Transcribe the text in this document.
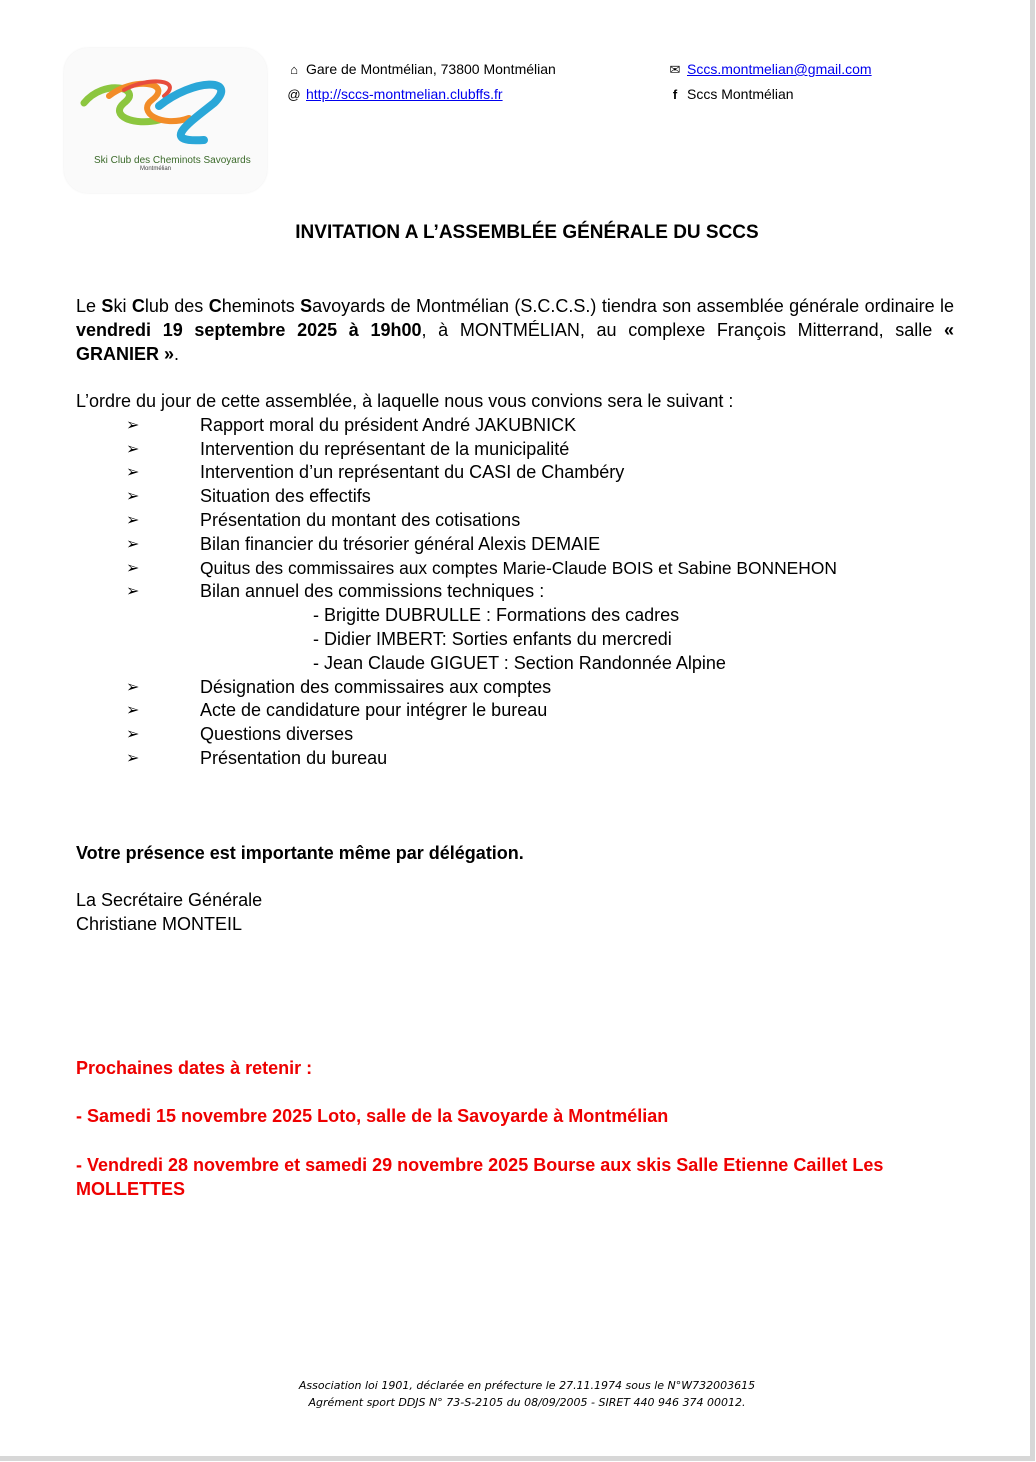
Ski Club des Cheminots Savoyards
Montmélian
⌂ Gare de Montmélian, 73800 Montmélian
@ http://sccs-montmelian.clubffs.fr
✉ Sccs.montmelian@gmail.com
f Sccs Montmélian
INVITATION A L’ASSEMBLÉE GÉNÉRALE DU SCCS
Le Ski Club des Cheminots Savoyards de Montmélian (S.C.C.S.) tiendra son assemblée générale ordinaire le vendredi 19 septembre 2025 à 19h00, à MONTMÉLIAN, au complexe François Mitterrand, salle « GRANIER ».
L’ordre du jour de cette assemblée, à laquelle nous vous convions sera le suivant :
➢	Rapport moral du président André JAKUBNICK
➢	Intervention du représentant de la municipalité
➢	Intervention d’un représentant du CASI de Chambéry
➢	Situation des effectifs
➢	Présentation du montant des cotisations
➢	Bilan financier du trésorier général Alexis DEMAIE
➢	Quitus des commissaires aux comptes Marie-Claude BOIS et Sabine BONNEHON
➢	Bilan annuel des commissions techniques :
- Brigitte DUBRULLE : Formations des cadres
- Didier IMBERT: Sorties enfants du mercredi
- Jean Claude GIGUET : Section Randonnée Alpine
➢	Désignation des commissaires aux comptes
➢	Acte de candidature pour intégrer le bureau
➢	Questions diverses
➢	Présentation du bureau
Votre présence est importante même par délégation.
La Secrétaire Générale
Christiane MONTEIL
Prochaines dates à retenir :
- Samedi 15 novembre 2025 Loto, salle de la Savoyarde à Montmélian
- Vendredi 28 novembre et samedi 29 novembre 2025 Bourse aux skis Salle Etienne Caillet Les MOLLETTES
Association loi 1901, déclarée en préfecture le 27.11.1974 sous le N°W732003615
Agrément sport DDJS N° 73-S-2105 du 08/09/2005 - SIRET 440 946 374 00012.
